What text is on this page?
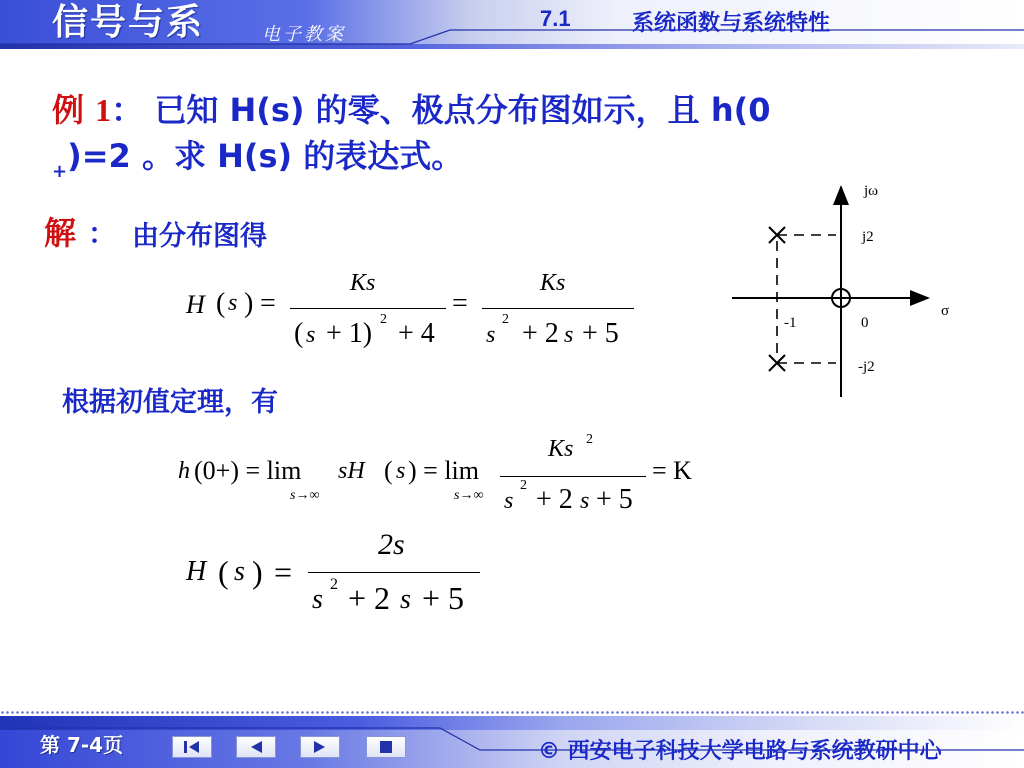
信号与系	电子教案
7.1	系统函数与系统特性
例 1： 已知 H(s) 的零、极点分布图如示，且 h(0
$_+$)=2 。求 H(s) 的表达式。
解 ： 由分布图得
H ( s ) =
Ks
( s + 1) 2 + 4
=
Ks
s
2 + 2 s + 5
jω
j2
-j2
-1	0
σ
根据初值定理，有
h (0+) = lim sH ( s ) = lim
s→∞	s→∞
Ks 2
s
2 + 2 s + 5
= K
H ( s ) =
2s
s 2 + 2 s + 5
第 7-4页	© 西安电子科技大学电路与系统教研中心
